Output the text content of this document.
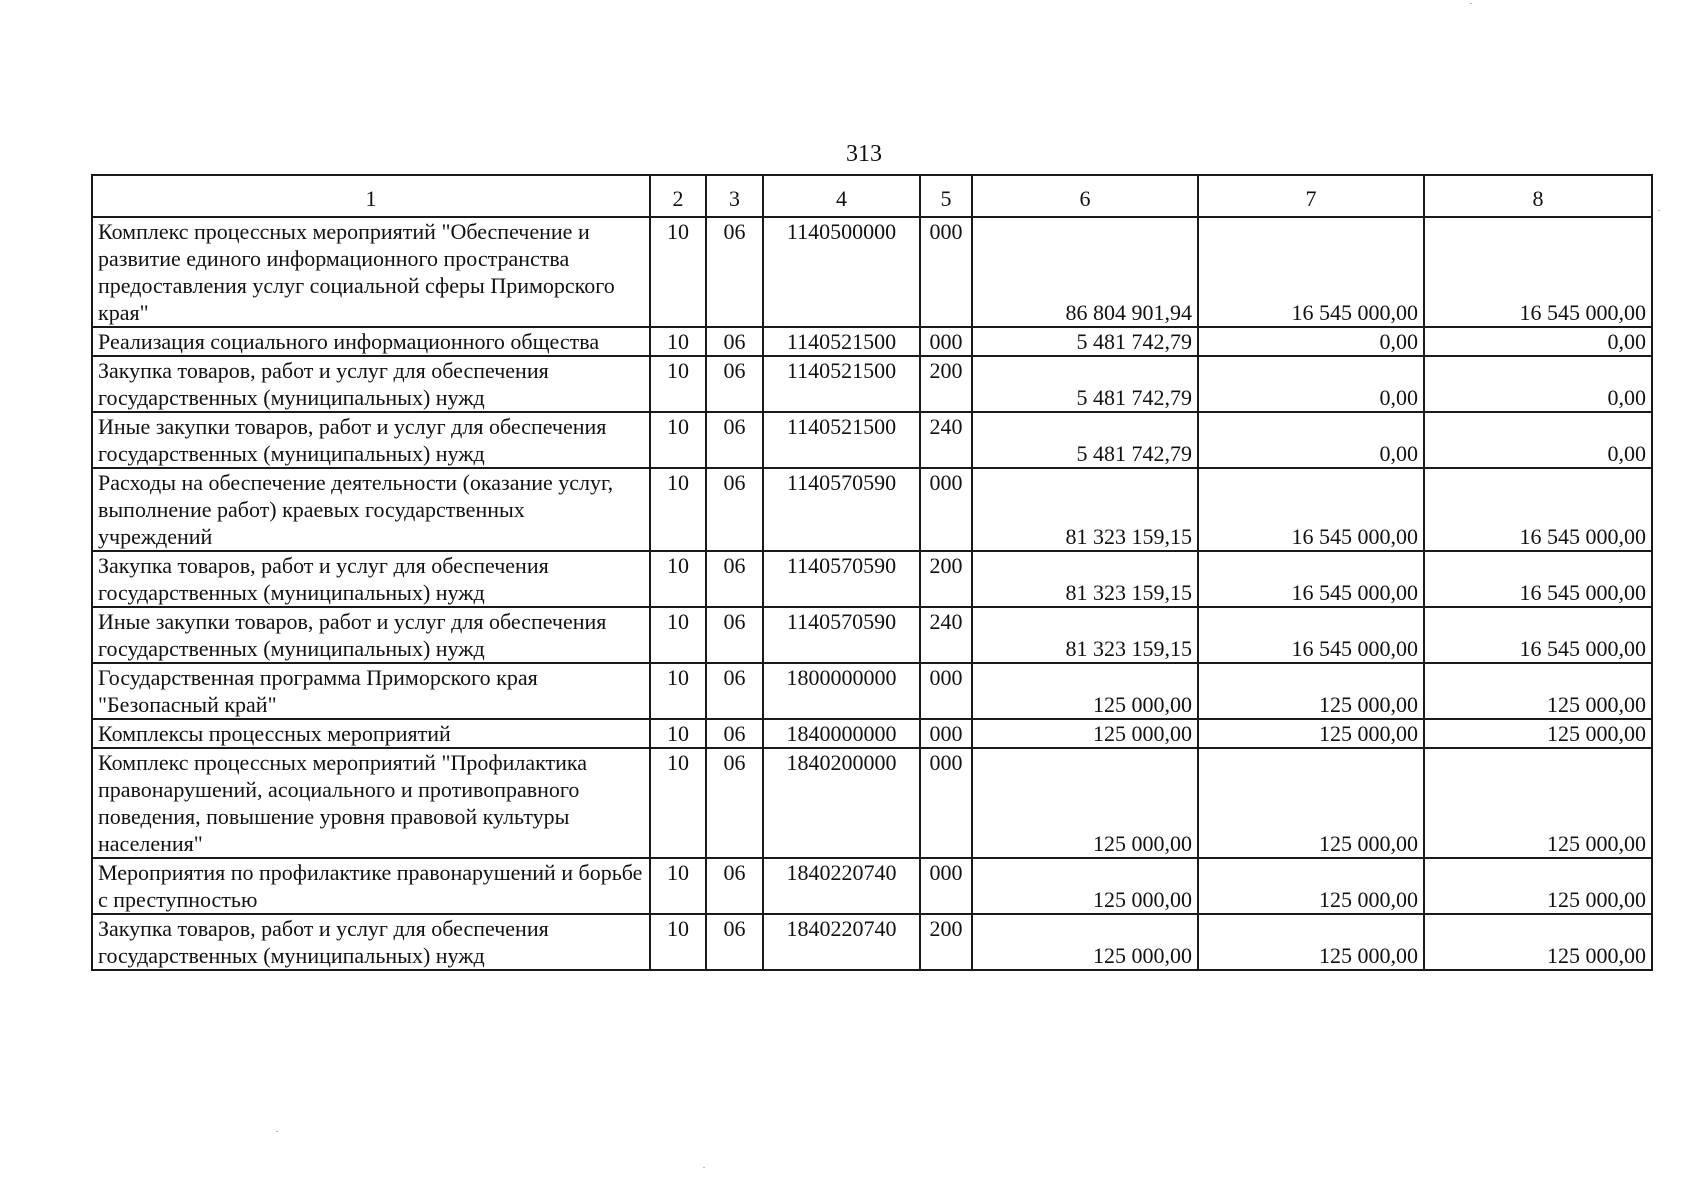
313
1	2	3	4	5	6	7	8
Комплекс процессных мероприятий "Обеспечение и развитие единого информационного пространства предоставления услуг социальной сферы Приморского края"	10	06	1140500000	000	86 804 901,94	16 545 000,00	16 545 000,00
Реализация социального информационного общества	10	06	1140521500	000	5 481 742,79	0,00	0,00
Закупка товаров, работ и услуг для обеспечения государственных (муниципальных) нужд	10	06	1140521500	200	5 481 742,79	0,00	0,00
Иные закупки товаров, работ и услуг для обеспечения государственных (муниципальных) нужд	10	06	1140521500	240	5 481 742,79	0,00	0,00
Расходы на обеспечение деятельности (оказание услуг, выполнение работ) краевых государственных учреждений	10	06	1140570590	000	81 323 159,15	16 545 000,00	16 545 000,00
Закупка товаров, работ и услуг для обеспечения государственных (муниципальных) нужд	10	06	1140570590	200	81 323 159,15	16 545 000,00	16 545 000,00
Иные закупки товаров, работ и услуг для обеспечения государственных (муниципальных) нужд	10	06	1140570590	240	81 323 159,15	16 545 000,00	16 545 000,00
Государственная программа Приморского края "Безопасный край"	10	06	1800000000	000	125 000,00	125 000,00	125 000,00
Комплексы процессных мероприятий	10	06	1840000000	000	125 000,00	125 000,00	125 000,00
Комплекс процессных мероприятий "Профилактика правонарушений, асоциального и противоправного поведения, повышение уровня правовой культуры населения"	10	06	1840200000	000	125 000,00	125 000,00	125 000,00
Мероприятия по профилактике правонарушений и борьбе с преступностью	10	06	1840220740	000	125 000,00	125 000,00	125 000,00
Закупка товаров, работ и услуг для обеспечения государственных (муниципальных) нужд	10	06	1840220740	200	125 000,00	125 000,00	125 000,00
